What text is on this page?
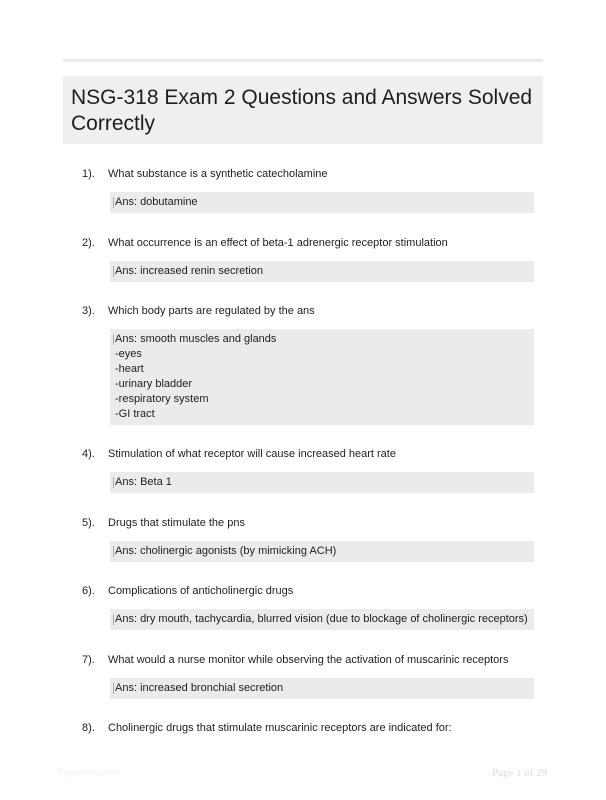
NSG-318 Exam 2 Questions and Answers Solved Correctly
1). What substance is a synthetic catecholamine
Ans: dobutamine
2). What occurrence is an effect of beta-1 adrenergic receptor stimulation
Ans: increased renin secretion
3). Which body parts are regulated by the ans
Ans: smooth muscles and glands
-eyes
-heart
-urinary bladder
-respiratory system
-GI tract
4). Stimulation of what receptor will cause increased heart rate
Ans: Beta 1
5). Drugs that stimulate the pns
Ans: cholinergic agonists (by mimicking ACH)
6). Complications of anticholinergic drugs
Ans: dry mouth, tachycardia, blurred vision (due to blockage of cholinergic receptors)
7). What would a nurse monitor while observing the activation of muscarinic receptors
Ans: increased bronchial secretion
8). Cholinergic drugs that stimulate muscarinic receptors are indicated for:
Paperfolio.com	Page 1 of 29
